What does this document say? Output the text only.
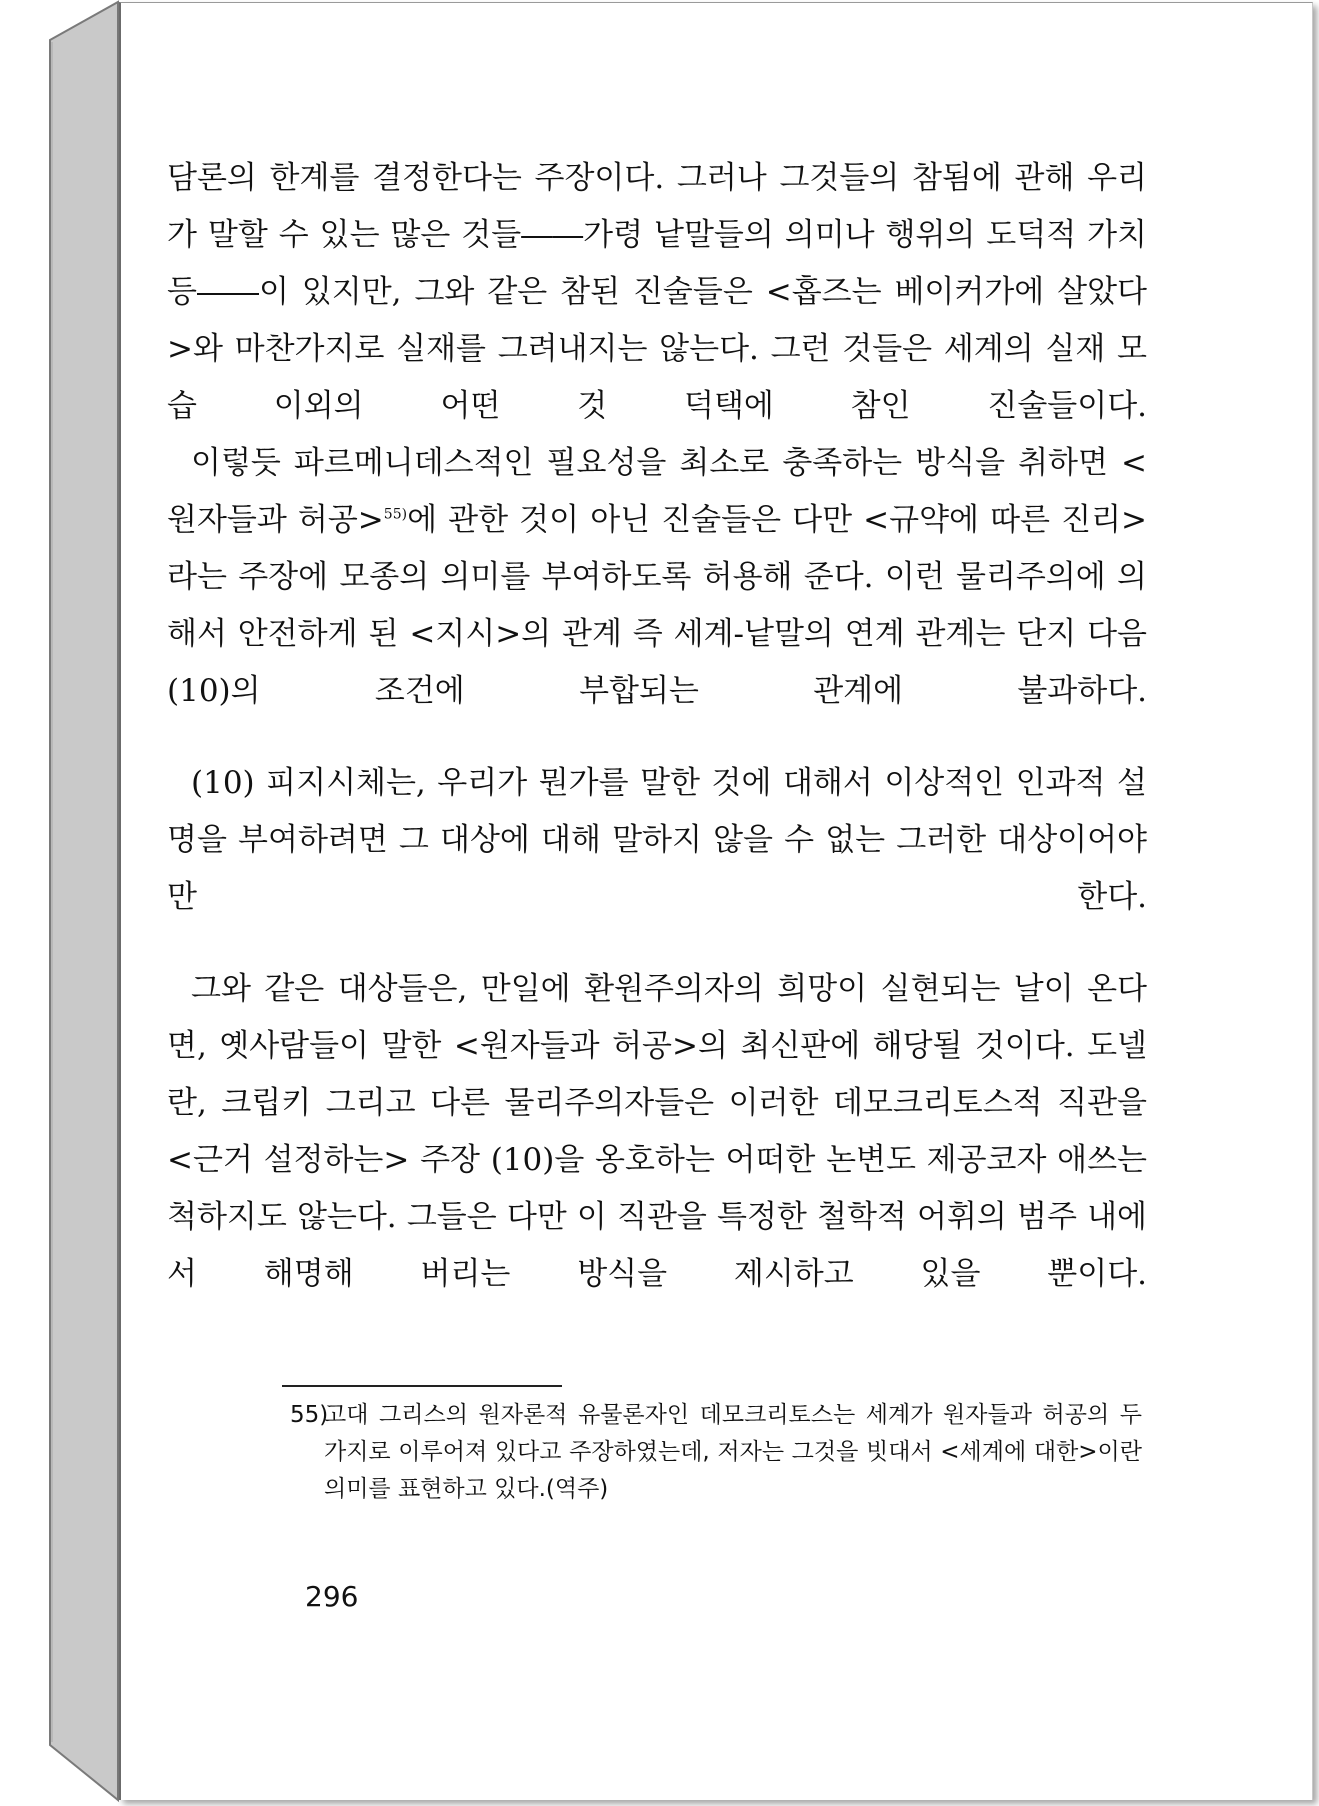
담론의 한계를 결정한다는 주장이다. 그러나 그것들의 참됨에 관해 우리가 말할 수 있는 많은 것들――가령 낱말들의 의미나 행위의 도덕적 가치 등――이 있지만, 그와 같은 참된 진술들은 <홉즈는 베이커가에 살았다>와 마찬가지로 실재를 그려내지는 않는다. 그런 것들은 세계의 실재 모습 이외의 어떤 것 덕택에 참인 진술들이다.

이렇듯 파르메니데스적인 필요성을 최소로 충족하는 방식을 취하면 <원자들과 허공>$^{55)}$에 관한 것이 아닌 진술들은 다만 <규약에 따른 진리>라는 주장에 모종의 의미를 부여하도록 허용해 준다. 이런 물리주의에 의해서 안전하게 된 <지시>의 관계 즉 세계-낱말의 연계 관계는 단지 다음 (10)의 조건에 부합되는 관계에 불과하다.

(10) 피지시체는, 우리가 뭔가를 말한 것에 대해서 이상적인 인과적 설명을 부여하려면 그 대상에 대해 말하지 않을 수 없는 그러한 대상이어야만 한다.

그와 같은 대상들은, 만일에 환원주의자의 희망이 실현되는 날이 온다면, 옛사람들이 말한 <원자들과 허공>의 최신판에 해당될 것이다. 도넬란, 크립키 그리고 다른 물리주의자들은 이러한 데모크리토스적 직관을 <근거 설정하는> 주장 (10)을 옹호하는 어떠한 논변도 제공코자 애쓰는 척하지도 않는다. 그들은 다만 이 직관을 특정한 철학적 어휘의 범주 내에서 해명해 버리는 방식을 제시하고 있을 뿐이다.

55)
고대 그리스의 원자론적 유물론자인 데모크리토스는 세계가 원자들과 허공의 두 가지로 이루어져 있다고 주장하였는데, 저자는 그것을 빗대서 <세계에 대한>이란 의미를 표현하고 있다.(역주)
296
